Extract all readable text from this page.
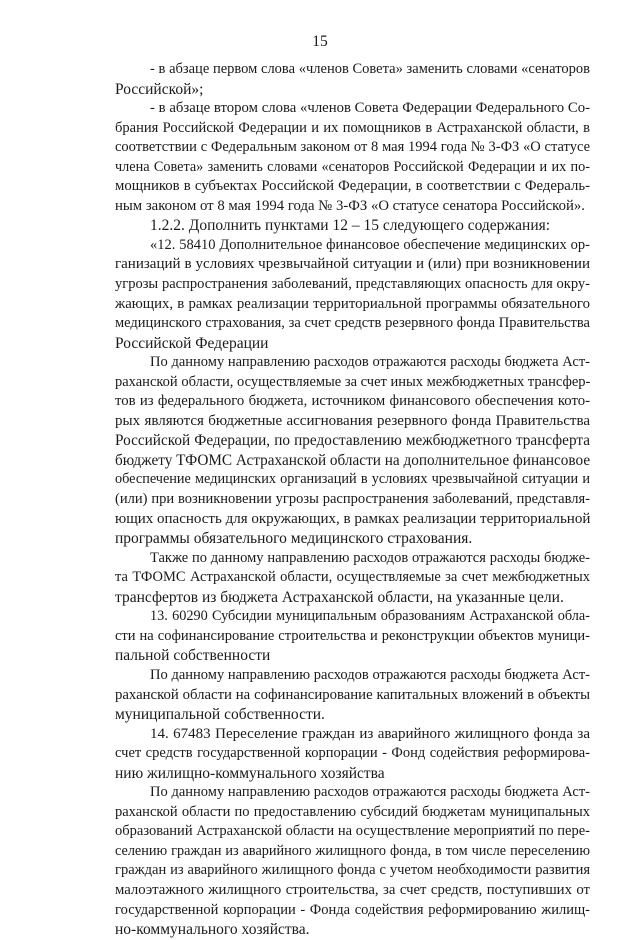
15
- в абзаце первом слова «членов Совета» заменить словами «сенаторов
Российской»;
- в абзаце втором слова «членов Совета Федерации Федерального Со-
брания Российской Федерации и их помощников в Астраханской области, в
соответствии с Федеральным законом от 8 мая 1994 года № 3-ФЗ «О статусе
члена Совета» заменить словами «сенаторов Российской Федерации и их по-
мощников в субъектах Российской Федерации, в соответствии с Федераль-
ным законом от 8 мая 1994 года № 3-ФЗ «О статусе сенатора Российской».
1.2.2. Дополнить пунктами 12 – 15 следующего содержания:
«12. 58410 Дополнительное финансовое обеспечение медицинских ор-
ганизаций в условиях чрезвычайной ситуации и (или) при возникновении
угрозы распространения заболеваний, представляющих опасность для окру-
жающих, в рамках реализации территориальной программы обязательного
медицинского страхования, за счет средств резервного фонда Правительства
Российской Федерации
По данному направлению расходов отражаются расходы бюджета Аст-
раханской области, осуществляемые за счет иных межбюджетных трансфер-
тов из федерального бюджета, источником финансового обеспечения кото-
рых являются бюджетные ассигнования резервного фонда Правительства
Российской Федерации, по предоставлению межбюджетного трансферта
бюджету ТФОМС Астраханской области на дополнительное финансовое
обеспечение медицинских организаций в условиях чрезвычайной ситуации и
(или) при возникновении угрозы распространения заболеваний, представля-
ющих опасность для окружающих, в рамках реализации территориальной
программы обязательного медицинского страхования.
Также по данному направлению расходов отражаются расходы бюдже-
та ТФОМС Астраханской области, осуществляемые за счет межбюджетных
трансфертов из бюджета Астраханской области, на указанные цели.
13. 60290 Субсидии муниципальным образованиям Астраханской обла-
сти на софинансирование строительства и реконструкции объектов муници-
пальной собственности
По данному направлению расходов отражаются расходы бюджета Аст-
раханской области на софинансирование капитальных вложений в объекты
муниципальной собственности.
14. 67483 Переселение граждан из аварийного жилищного фонда за
счет средств государственной корпорации - Фонд содействия реформирова-
нию жилищно-коммунального хозяйства
По данному направлению расходов отражаются расходы бюджета Аст-
раханской области по предоставлению субсидий бюджетам муниципальных
образований Астраханской области на осуществление мероприятий по пере-
селению граждан из аварийного жилищного фонда, в том числе переселению
граждан из аварийного жилищного фонда с учетом необходимости развития
малоэтажного жилищного строительства, за счет средств, поступивших от
государственной корпорации - Фонда содействия реформированию жилищ-
но-коммунального хозяйства.
